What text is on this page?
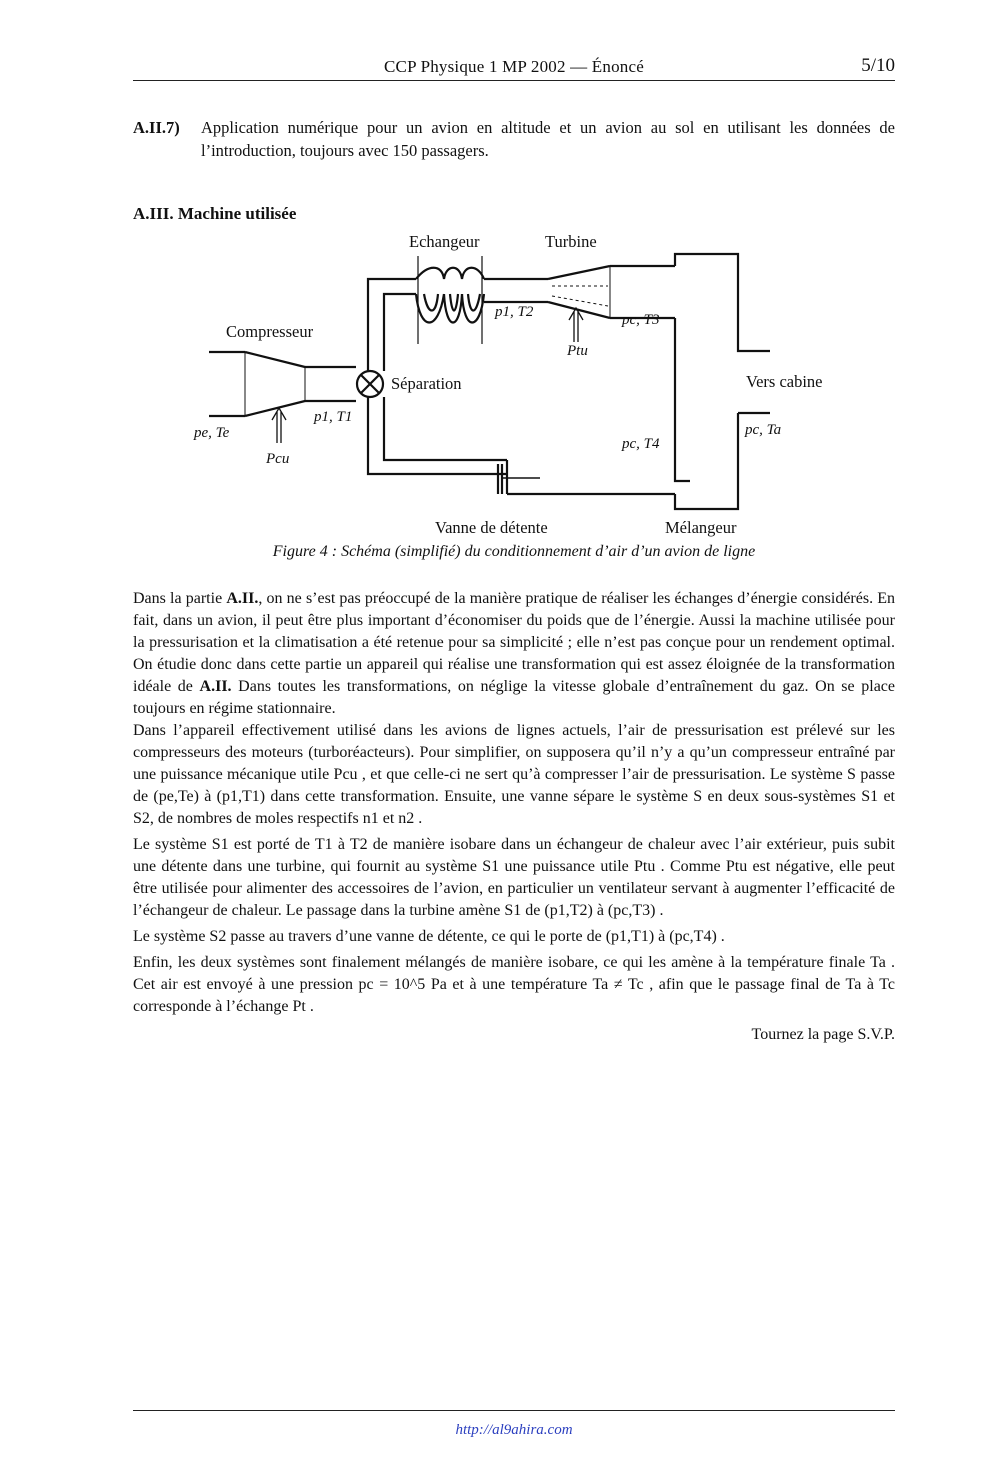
CCP Physique 1 MP 2002 — Énoncé	5/10
A.II.7) Application numérique pour un avion en altitude et un avion au sol en utilisant les données de l’introduction, toujours avec 150 passagers.
A.III. Machine utilisée
Echangeur	Turbine
Compresseur
Séparation	Vers cabine
Vanne de détente	Mélangeur
pe, Te
p1, T1
p1, T2	pc, T3
pc, T4
pc, Ta
Ptu
Pcu
Figure 4 : Schéma (simplifié) du conditionnement d’air d’un avion de ligne

Dans la partie A.II., on ne s’est pas préoccupé de la manière pratique de réaliser les échanges d’énergie considérés. En fait, dans un avion, il peut être plus important d’économiser du poids que de l’énergie. Aussi la machine utilisée pour la pressurisation et la climatisation a été retenue pour sa simplicité ; elle n’est pas conçue pour un rendement optimal. On étudie donc dans cette partie un appareil qui réalise une transformation qui est assez éloignée de la transformation idéale de A.II. Dans toutes les transformations, on néglige la vitesse globale d’entraînement du gaz. On se place toujours en régime stationnaire.

Dans l’appareil effectivement utilisé dans les avions de lignes actuels, l’air de pressurisation est prélevé sur les compresseurs des moteurs (turboréacteurs). Pour simplifier, on supposera qu’il n’y a qu’un compresseur entraîné par une puissance mécanique utile Pcu , et que celle-ci ne sert qu’à compresser l’air de pressurisation. Le système S passe de (pe,Te) à (p1,T1) dans cette transformation. Ensuite, une vanne sépare le système S en deux sous-systèmes S1 et S2, de nombres de moles respectifs n1 et n2 .

Le système S1 est porté de T1 à T2 de manière isobare dans un échangeur de chaleur avec l’air extérieur, puis subit une détente dans une turbine, qui fournit au système S1 une puissance utile Ptu . Comme Ptu est négative, elle peut être utilisée pour alimenter des accessoires de l’avion, en particulier un ventilateur servant à augmenter l’efficacité de l’échangeur de chaleur. Le passage dans la turbine amène S1 de (p1,T2) à (pc,T3) .

Le système S2 passe au travers d’une vanne de détente, ce qui le porte de (p1,T1) à (pc,T4) .

Enfin, les deux systèmes sont finalement mélangés de manière isobare, ce qui les amène à la température finale Ta . Cet air est envoyé à une pression pc = 10^5 Pa et à une température Ta ≠ Tc , afin que le passage final de Ta à Tc corresponde à l’échange Pt .

Tournez la page S.V.P.

http://al9ahira.com
